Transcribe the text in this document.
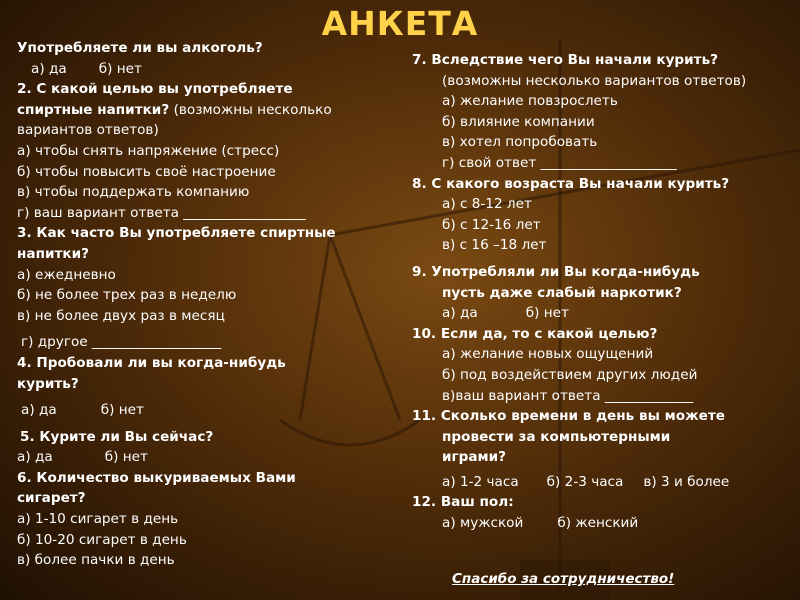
АНКЕТА
Употребляете ли вы алкоголь?
а) да б) нет
2. С какой целью вы употребляете
спиртные напитки? (возможны несколько
вариантов ответов)
а) чтобы снять напряжение (стресс)
б) чтобы повысить своё настроение
в) чтобы поддержать компанию
г) ваш вариант ответа __________________
3. Как часто Вы употребляете спиртные
напитки?
а) ежедневно
б) не более трех раз в неделю
в) не более двух раз в месяц
г) другое ___________________
4. Пробовали ли вы когда-нибудь
курить?
а) да	б) нет
5. Курите ли Вы сейчас?
а) да	б) нет
6. Количество выкуриваемых Вами
сигарет?
а) 1-10 сигарет в день
б) 10-20 сигарет в день
в) более пачки в день
7. Вследствие чего Вы начали курить?
(возможны несколько вариантов ответов)
а) желание повзрослеть
б) влияние компании
в) хотел попробовать
г) свой ответ ____________________
8. С какого возраста Вы начали курить?
а) с 8-12 лет
б) с 12-16 лет
в) с 16 –18 лет
9. Употребляли ли Вы когда-нибудь
пусть даже слабый наркотик?
а) да	б) нет
10. Если да, то с какой целью?
а) желание новых ощущений
б) под воздействием других людей
в)ваш вариант ответа _____________
11. Сколько времени в день вы можете
провести за компьютерными
играми?
а) 1-2 часа б) 2-3 часа в) 3 и более
12. Ваш пол:
а) мужской	б) женский
Спасибо за сотрудничество!
